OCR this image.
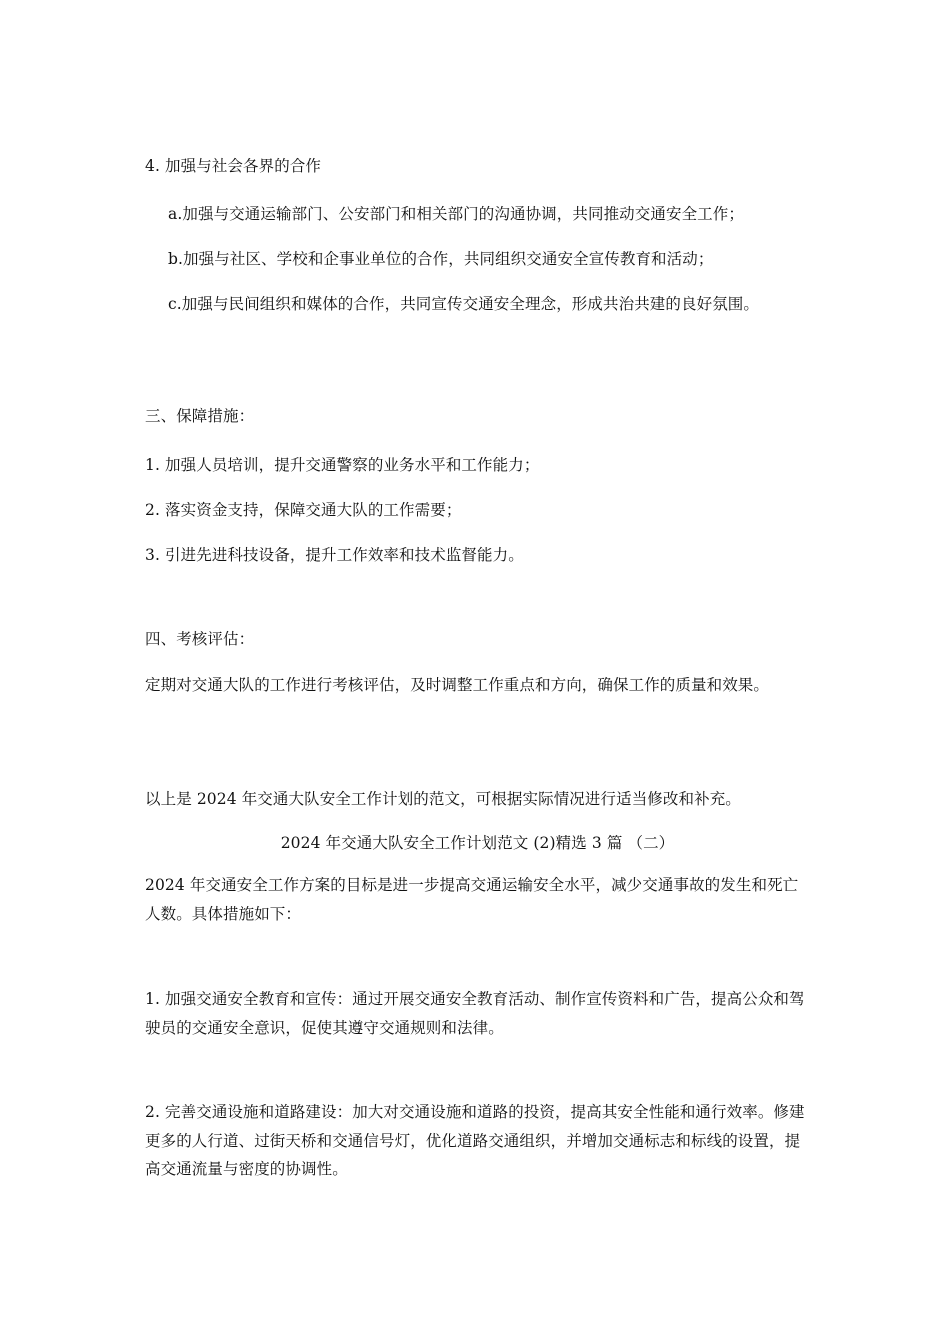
4. 加强与社会各界的合作
a.加强与交通运输部门、公安部门和相关部门的沟通协调，共同推动交通安全工作；
b.加强与社区、学校和企事业单位的合作，共同组织交通安全宣传教育和活动；
c.加强与民间组织和媒体的合作，共同宣传交通安全理念，形成共治共建的良好氛围。
三、保障措施：
1. 加强人员培训，提升交通警察的业务水平和工作能力；
2. 落实资金支持，保障交通大队的工作需要；
3. 引进先进科技设备，提升工作效率和技术监督能力。
四、考核评估：
定期对交通大队的工作进行考核评估，及时调整工作重点和方向，确保工作的质量和效果。
以上是 2024 年交通大队安全工作计划的范文，可根据实际情况进行适当修改和补充。
2024 年交通大队安全工作计划范文 (2)精选 3 篇 （二）
2024 年交通安全工作方案的目标是进一步提高交通运输安全水平，减少交通事故的发生和死亡人数。具体措施如下：
1. 加强交通安全教育和宣传：通过开展交通安全教育活动、制作宣传资料和广告，提高公众和驾驶员的交通安全意识，促使其遵守交通规则和法律。
2. 完善交通设施和道路建设：加大对交通设施和道路的投资，提高其安全性能和通行效率。修建更多的人行道、过街天桥和交通信号灯，优化道路交通组织，并增加交通标志和标线的设置，提高交通流量与密度的协调性。
